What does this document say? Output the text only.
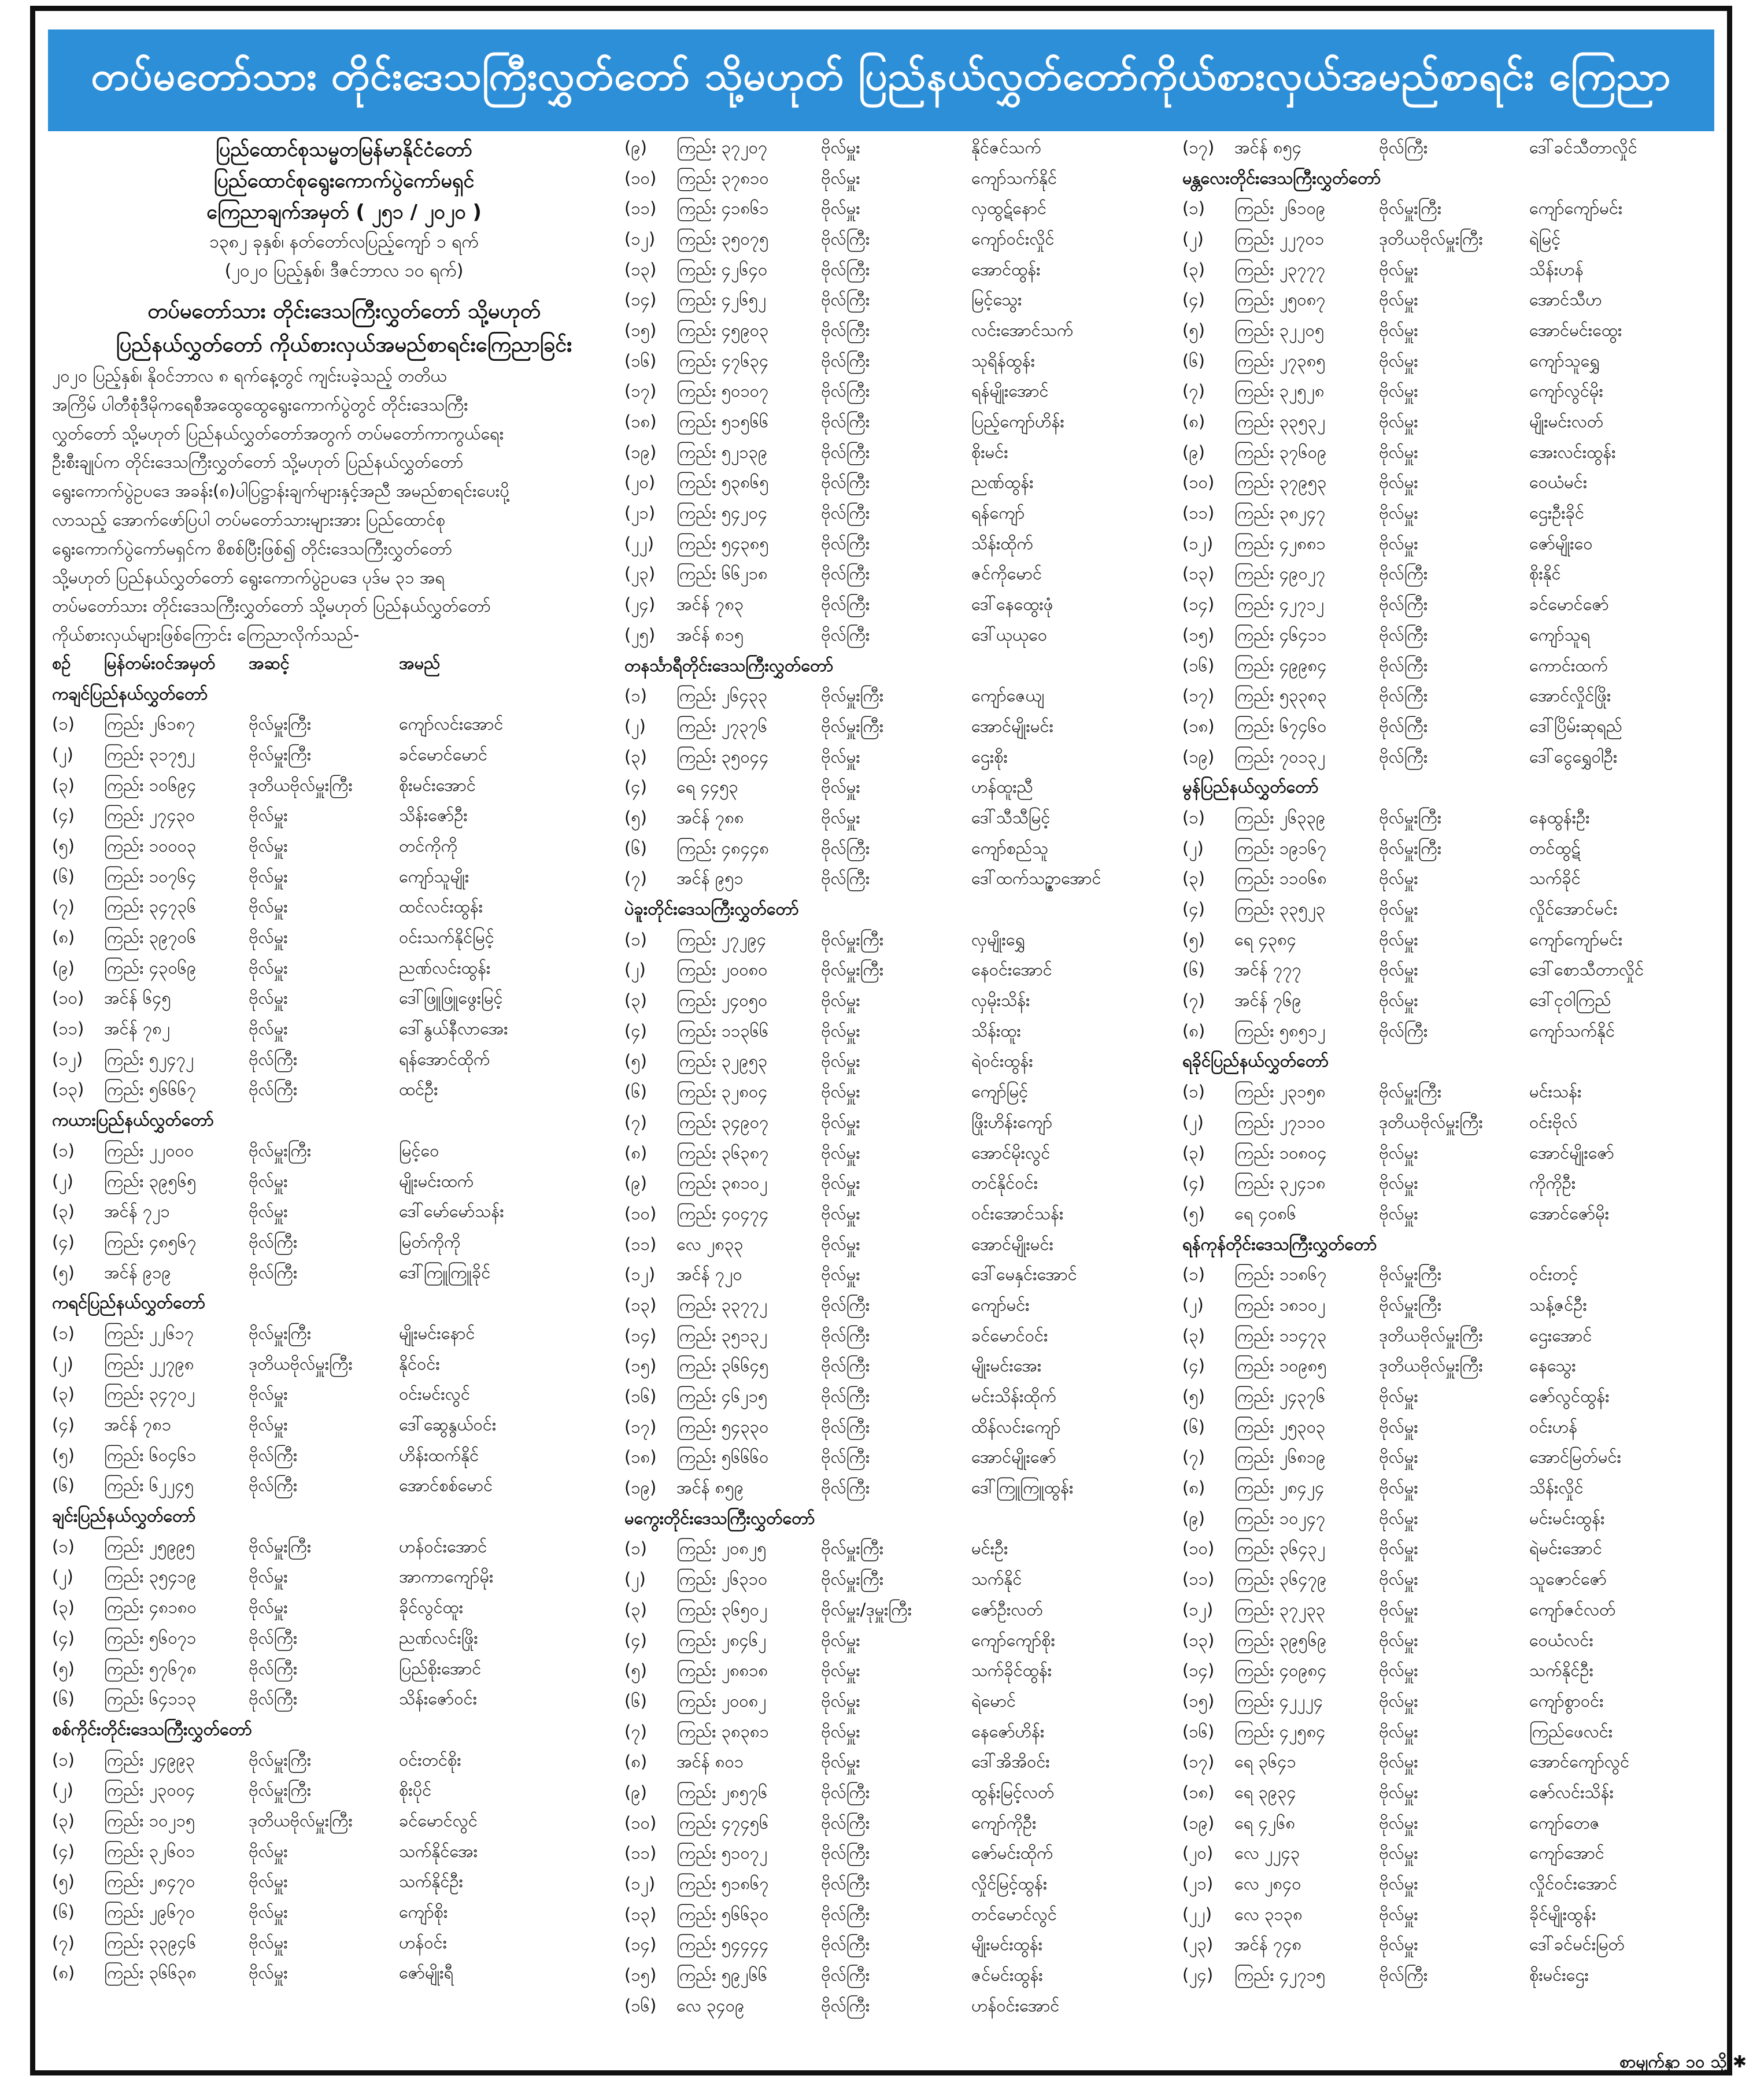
တပ်မတော်သား တိုင်းဒေသကြီးလွှတ်တော် သို့မဟုတ် ပြည်နယ်လွှတ်တော်ကိုယ်စားလှယ်အမည်စာရင်း ကြေညာ
ပြည်ထောင်စုသမ္မတမြန်မာနိုင်ငံတော်
ပြည်ထောင်စုရွေးကောက်ပွဲကော်မရှင်
ကြေညာချက်အမှတ် ( ၂၅၁ / ၂၀၂၀ )
၁၃၈၂ ခုနှစ်၊ နတ်တော်လပြည့်ကျော် ၁ ရက်
(၂၀၂၀ ပြည့်နှစ်၊ ဒီဇင်ဘာလ ၁၀ ရက်)
တပ်မတော်သား တိုင်းဒေသကြီးလွှတ်တော် သို့မဟုတ်
ပြည်နယ်လွှတ်တော် ကိုယ်စားလှယ်အမည်စာရင်းကြေညာခြင်း
၂၀၂၀ ပြည့်နှစ်၊ နိုဝင်ဘာလ ၈ ရက်နေ့တွင် ကျင်းပခဲ့သည့် တတိယ
အကြိမ် ပါတီစုံဒီမိုကရေစီအထွေထွေရွေးကောက်ပွဲတွင် တိုင်းဒေသကြီး
လွှတ်တော် သို့မဟုတ် ပြည်နယ်လွှတ်တော်အတွက် တပ်မတော်ကာကွယ်ရေး
ဦးစီးချုပ်က တိုင်းဒေသကြီးလွှတ်တော် သို့မဟုတ် ပြည်နယ်လွှတ်တော်
ရွေးကောက်ပွဲဥပဒေ အခန်း(၈)ပါပြဋ္ဌာန်းချက်များနှင့်အညီ အမည်စာရင်းပေးပို့
လာသည့် အောက်ဖော်ပြပါ တပ်မတော်သားများအား ပြည်ထောင်စု
ရွေးကောက်ပွဲကော်မရှင်က စိစစ်ပြီးဖြစ်၍ တိုင်းဒေသကြီးလွှတ်တော်
သို့မဟုတ် ပြည်နယ်လွှတ်တော် ရွေးကောက်ပွဲဥပဒေ ပုဒ်မ ၃၁ အရ
တပ်မတော်သား တိုင်းဒေသကြီးလွှတ်တော် သို့မဟုတ် ပြည်နယ်လွှတ်တော်
ကိုယ်စားလှယ်များဖြစ်ကြောင်း ကြေညာလိုက်သည်-
စဉ်	မြန်တမ်းဝင်အမှတ်	အဆင့်	အမည်
ကချင်ပြည်နယ်လွှတ်တော်
(၁)	ကြည်း ၂၆၁၈၇	ဗိုလ်မှူးကြီး	ကျော်လင်းအောင်
(၂)	ကြည်း ၃၁၇၅၂	ဗိုလ်မှူးကြီး	ခင်မောင်မောင်
(၃)	ကြည်း ၁၀၆၉၄	ဒုတိယဗိုလ်မှူးကြီး	စိုးမင်းအောင်
(၄)	ကြည်း ၂၇၄၃၀	ဗိုလ်မှူး	သိန်းဇော်ဦး
(၅)	ကြည်း ၁၀၀၀၃	ဗိုလ်မှူး	တင်ကိုကို
(၆)	ကြည်း ၁၀၇၆၄	ဗိုလ်မှူး	ကျော်သူမျိုး
(၇)	ကြည်း ၃၄၇၃၆	ဗိုလ်မှူး	ထင်လင်းထွန်း
(၈)	ကြည်း ၃၉၇၀၆	ဗိုလ်မှူး	ဝင်းသက်နိုင်မြင့်
(၉)	ကြည်း ၄၃၀၆၉	ဗိုလ်မှူး	ညဏ်လင်းထွန်း
(၁၀)	အင်န် ၆၄၅	ဗိုလ်မှူး	ဒေါ်ဖြူဖြူဖွေးမြင့်
(၁၁)	အင်န် ၇၈၂	ဗိုလ်မှူး	ဒေါ်နွယ်နီလာအေး
(၁၂)	ကြည်း ၅၂၄၇၂	ဗိုလ်ကြီး	ရန်အောင်ထိုက်
(၁၃)	ကြည်း ၅၆၆၆၇	ဗိုလ်ကြီး	ထင်ဦး
ကယားပြည်နယ်လွှတ်တော်
(၁)	ကြည်း ၂၂၀၀၀	ဗိုလ်မှူးကြီး	မြင့်ဝေ
(၂)	ကြည်း ၃၉၅၆၅	ဗိုလ်မှူး	မျိုးမင်းထက်
(၃)	အင်န် ၇၂၁	ဗိုလ်မှူး	ဒေါ်မော်မော်သန်း
(၄)	ကြည်း ၄၈၅၆၇	ဗိုလ်ကြီး	မြတ်ကိုကို
(၅)	အင်န် ၉၁၉	ဗိုလ်ကြီး	ဒေါ်ကြူကြူခိုင်
ကရင်ပြည်နယ်လွှတ်တော်
(၁)	ကြည်း ၂၂၆၁၇	ဗိုလ်မှူးကြီး	မျိုးမင်းနောင်
(၂)	ကြည်း ၂၂၇၉၈	ဒုတိယဗိုလ်မှူးကြီး	နိုင်ဝင်း
(၃)	ကြည်း ၃၄၇၀၂	ဗိုလ်မှူး	ဝင်းမင်းလွင်
(၄)	အင်န် ၇၈၁	ဗိုလ်မှူး	ဒေါ်ဆွေနွယ်ဝင်း
(၅)	ကြည်း ၆၀၄၆၁	ဗိုလ်ကြီး	ဟိန်းထက်နိုင်
(၆)	ကြည်း ၆၂၂၄၅	ဗိုလ်ကြီး	အောင်စစ်မောင်
ချင်းပြည်နယ်လွှတ်တော်
(၁)	ကြည်း ၂၅၉၉၅	ဗိုလ်မှူးကြီး	ဟန်ဝင်းအောင်
(၂)	ကြည်း ၃၅၄၁၉	ဗိုလ်မှူး	အာကာကျော်မိုး
(၃)	ကြည်း ၄၈၁၈၀	ဗိုလ်မှူး	ခိုင်လွင်ထူး
(၄)	ကြည်း ၅၆၀၇၁	ဗိုလ်ကြီး	ညဏ်လင်းဖြိုး
(၅)	ကြည်း ၅၇၆၇၈	ဗိုလ်ကြီး	ပြည်စိုးအောင်
(၆)	ကြည်း ၆၄၁၁၃	ဗိုလ်ကြီး	သိန်းဇော်ဝင်း
စစ်ကိုင်းတိုင်းဒေသကြီးလွှတ်တော်
(၁)	ကြည်း ၂၄၉၉၃	ဗိုလ်မှူးကြီး	ဝင်းတင်စိုး
(၂)	ကြည်း ၂၃၀၀၄	ဗိုလ်မှူးကြီး	စိုးပိုင်
(၃)	ကြည်း ၁၀၂၁၅	ဒုတိယဗိုလ်မှူးကြီး	ခင်မောင်လွင်
(၄)	ကြည်း ၃၂၆၀၁	ဗိုလ်မှူး	သက်နိုင်အေး
(၅)	ကြည်း ၂၈၄၇၀	ဗိုလ်မှူး	သက်နိုင်ဦး
(၆)	ကြည်း ၂၉၆၇၀	ဗိုလ်မှူး	ကျော်စိုး
(၇)	ကြည်း ၃၃၉၄၆	ဗိုလ်မှူး	ဟန်ဝင်း
(၈)	ကြည်း ၃၆၆၃၈	ဗိုလ်မှူး	ဇော်မျိုးရီ
(၉)	ကြည်း ၃၇၂၀၇	ဗိုလ်မှူး	နိုင်ဇင်သက်
(၁၀)	ကြည်း ၃၇၈၁၀	ဗိုလ်မှူး	ကျော်သက်နိုင်
(၁၁)	ကြည်း ၄၁၈၆၁	ဗိုလ်မှူး	လှထွဋ်နောင်
(၁၂)	ကြည်း ၃၅၀၇၅	ဗိုလ်ကြီး	ကျော်ဝင်းလှိုင်
(၁၃)	ကြည်း ၄၂၆၄၀	ဗိုလ်ကြီး	အောင်ထွန်း
(၁၄)	ကြည်း ၄၂၆၅၂	ဗိုလ်ကြီး	မြင့်သွေး
(၁၅)	ကြည်း ၄၅၉၀၃	ဗိုလ်ကြီး	လင်းအောင်သက်
(၁၆)	ကြည်း ၄၇၆၃၄	ဗိုလ်ကြီး	သုရိန်ထွန်း
(၁၇)	ကြည်း ၅၀၁၀၇	ဗိုလ်ကြီး	ရန်မျိုးအောင်
(၁၈)	ကြည်း ၅၁၅၆၆	ဗိုလ်ကြီး	ပြည့်ကျော်ဟိန်း
(၁၉)	ကြည်း ၅၂၁၃၉	ဗိုလ်ကြီး	စိုးမင်း
(၂၀)	ကြည်း ၅၃၈၆၅	ဗိုလ်ကြီး	ညဏ်ထွန်း
(၂၁)	ကြည်း ၅၄၂၀၄	ဗိုလ်ကြီး	ရန်ကျော်
(၂၂)	ကြည်း ၅၄၃၈၅	ဗိုလ်ကြီး	သိန်းထိုက်
(၂၃)	ကြည်း ၆၆၂၁၈	ဗိုလ်ကြီး	ဇင်ကိုမောင်
(၂၄)	အင်န် ၇၈၃	ဗိုလ်ကြီး	ဒေါ်နေထွေးဖုံ
(၂၅)	အင်န် ၈၁၅	ဗိုလ်ကြီး	ဒေါ်ယုယုဝေ
တနင်္သာရီတိုင်းဒေသကြီးလွှတ်တော်
(၁)	ကြည်း ၂၆၄၃၃	ဗိုလ်မှူးကြီး	ကျော်ဇေယျ
(၂)	ကြည်း ၂၇၃၇၆	ဗိုလ်မှူးကြီး	အောင်မျိုးမင်း
(၃)	ကြည်း ၃၅၀၄၄	ဗိုလ်မှူး	ဌေးစိုး
(၄)	ရေ ၄၄၅၃	ဗိုလ်မှူး	ဟန်ထူးညီ
(၅)	အင်န် ၇၈၈	ဗိုလ်မှူး	ဒေါ်သီသီမြင့်
(၆)	ကြည်း ၄၈၄၄၈	ဗိုလ်ကြီး	ကျော်စည်သူ
(၇)	အင်န် ၉၅၁	ဗိုလ်ကြီး	ဒေါ်ထက်သဉ္ဇာအောင်
ပဲခူးတိုင်းဒေသကြီးလွှတ်တော်
(၁)	ကြည်း ၂၇၂၉၄	ဗိုလ်မှူးကြီး	လှမျိုးရွှေ
(၂)	ကြည်း ၂၀၀၈၀	ဗိုလ်မှူးကြီး	နေဝင်းအောင်
(၃)	ကြည်း ၂၄၀၅၀	ဗိုလ်မှူး	လှမိုးသိန်း
(၄)	ကြည်း ၁၁၃၆၆	ဗိုလ်မှူး	သိန်းထူး
(၅)	ကြည်း ၃၂၉၅၃	ဗိုလ်မှူး	ရဲဝင်းထွန်း
(၆)	ကြည်း ၃၂၈၀၄	ဗိုလ်မှူး	ကျော်မြင့်
(၇)	ကြည်း ၃၄၉၀၇	ဗိုလ်မှူး	ဖြိုးဟိန်းကျော်
(၈)	ကြည်း ၃၆၃၈၇	ဗိုလ်မှူး	အောင်မိုးလွင်
(၉)	ကြည်း ၃၈၁၀၂	ဗိုလ်မှူး	တင်နိုင်ဝင်း
(၁၀)	ကြည်း ၄၀၄၇၄	ဗိုလ်မှူး	ဝင်းအောင်သန်း
(၁၁)	လေ ၂၈၃၃	ဗိုလ်မှူး	အောင်မျိုးမင်း
(၁၂)	အင်န် ၇၂၀	ဗိုလ်မှူး	ဒေါ်မေနှင်းအောင်
(၁၃)	ကြည်း ၃၃၇၇၂	ဗိုလ်ကြီး	ကျော်မင်း
(၁၄)	ကြည်း ၃၅၁၃၂	ဗိုလ်ကြီး	ခင်မောင်ဝင်း
(၁၅)	ကြည်း ၃၆၆၄၅	ဗိုလ်ကြီး	မျိုးမင်းအေး
(၁၆)	ကြည်း ၄၆၂၁၅	ဗိုလ်ကြီး	မင်းသိန်းထိုက်
(၁၇)	ကြည်း ၅၄၃၃၀	ဗိုလ်ကြီး	ထိန်လင်းကျော်
(၁၈)	ကြည်း ၅၆၆၆၀	ဗိုလ်ကြီး	အောင်မျိုးဇော်
(၁၉)	အင်န် ၈၅၉	ဗိုလ်ကြီး	ဒေါ်ကြူကြူထွန်း
မကွေးတိုင်းဒေသကြီးလွှတ်တော်
(၁)	ကြည်း ၂၀၈၂၅	ဗိုလ်မှူးကြီး	မင်းဦး
(၂)	ကြည်း ၂၆၃၁၀	ဗိုလ်မှူးကြီး	သက်နိုင်
(၃)	ကြည်း ၃၆၅၀၂	ဗိုလ်မှူး/ဒုမှူးကြီး	ဇော်ဦးလတ်
(၄)	ကြည်း ၂၈၄၆၂	ဗိုလ်မှူး	ကျော်ကျော်စိုး
(၅)	ကြည်း ၂၈၈၁၈	ဗိုလ်မှူး	သက်ခိုင်ထွန်း
(၆)	ကြည်း ၂၀၀၈၂	ဗိုလ်မှူး	ရဲမောင်
(၇)	ကြည်း ၃၈၃၈၁	ဗိုလ်မှူး	နေဇော်ဟိန်း
(၈)	အင်န် ၈၀၁	ဗိုလ်မှူး	ဒေါ်အိအိဝင်း
(၉)	ကြည်း ၂၈၅၇၆	ဗိုလ်ကြီး	ထွန်းမြင့်လတ်
(၁၀)	ကြည်း ၄၇၄၅၆	ဗိုလ်ကြီး	ကျော်ကိုဦး
(၁၁)	ကြည်း ၅၁၀၇၂	ဗိုလ်ကြီး	ဇော်မင်းထိုက်
(၁၂)	ကြည်း ၅၁၈၆၇	ဗိုလ်ကြီး	လှိုင်မြင့်ထွန်း
(၁၃)	ကြည်း ၅၆၆၃၀	ဗိုလ်ကြီး	တင်မောင်လွင်
(၁၄)	ကြည်း ၅၄၄၄၄	ဗိုလ်ကြီး	မျိုးမင်းထွန်း
(၁၅)	ကြည်း ၅၉၂၆၆	ဗိုလ်ကြီး	ဇင်မင်းထွန်း
(၁၆)	လေ ၃၄၀၉	ဗိုလ်ကြီး	ဟန်ဝင်းအောင်
(၁၇)	အင်န် ၈၅၄	ဗိုလ်ကြီး	ဒေါ်ခင်သီတာလှိုင်
မန္တလေးတိုင်းဒေသကြီးလွှတ်တော်
(၁)	ကြည်း ၂၆၁၀၉	ဗိုလ်မှူးကြီး	ကျော်ကျော်မင်း
(၂)	ကြည်း ၂၂၇၀၁	ဒုတိယဗိုလ်မှူးကြီး	ရဲမြင့်
(၃)	ကြည်း ၂၃၇၇၇	ဗိုလ်မှူး	သိန်းဟန်
(၄)	ကြည်း ၂၅၀၈၇	ဗိုလ်မှူး	အောင်သီဟ
(၅)	ကြည်း ၃၂၂၀၅	ဗိုလ်မှူး	အောင်မင်းထွေး
(၆)	ကြည်း ၂၇၃၈၅	ဗိုလ်မှူး	ကျော်သူရွှေ
(၇)	ကြည်း ၃၂၅၂၈	ဗိုလ်မှူး	ကျော်လွင်မိုး
(၈)	ကြည်း ၃၃၅၃၂	ဗိုလ်မှူး	မျိုးမင်းလတ်
(၉)	ကြည်း ၃၇၆၀၉	ဗိုလ်မှူး	အေးလင်းထွန်း
(၁၀)	ကြည်း ၃၇၉၅၃	ဗိုလ်မှူး	ဝေယံမင်း
(၁၁)	ကြည်း ၃၈၂၄၇	ဗိုလ်မှူး	ဌေးဦးခိုင်
(၁၂)	ကြည်း ၄၂၈၈၁	ဗိုလ်မှူး	ဇော်မျိုးဝေ
(၁၃)	ကြည်း ၄၉၀၂၇	ဗိုလ်ကြီး	စိုးနိုင်
(၁၄)	ကြည်း ၄၂၇၁၂	ဗိုလ်ကြီး	ခင်မောင်ဇော်
(၁၅)	ကြည်း ၄၆၄၁၁	ဗိုလ်ကြီး	ကျော်သူရ
(၁၆)	ကြည်း ၄၉၉၈၄	ဗိုလ်ကြီး	ကောင်းထက်
(၁၇)	ကြည်း ၅၃၃၈၃	ဗိုလ်ကြီး	အောင်လှိုင်ဖြိုး
(၁၈)	ကြည်း ၆၇၄၆၀	ဗိုလ်ကြီး	ဒေါ်ပြိမ်းဆုရည်
(၁၉)	ကြည်း ၇၀၁၃၂	ဗိုလ်ကြီး	ဒေါ်ငွေရွှေဝါဦး
မွန်ပြည်နယ်လွှတ်တော်
(၁)	ကြည်း ၂၆၃၃၉	ဗိုလ်မှူးကြီး	နေထွန်းဦး
(၂)	ကြည်း ၁၉၁၆၇	ဗိုလ်မှူးကြီး	တင်ထွဋ်
(၃)	ကြည်း ၁၁၀၆၈	ဗိုလ်မှူး	သက်ခိုင်
(၄)	ကြည်း ၃၃၅၂၃	ဗိုလ်မှူး	လှိုင်အောင်မင်း
(၅)	ရေ ၄၃၈၄	ဗိုလ်မှူး	ကျော်ကျော်မင်း
(၆)	အင်န် ၇၇၇	ဗိုလ်မှူး	ဒေါ်စောသီတာလှိုင်
(၇)	အင်န် ၇၆၉	ဗိုလ်မှူး	ဒေါ်ငုဝါကြည်
(၈)	ကြည်း ၅၈၅၁၂	ဗိုလ်ကြီး	ကျော်သက်နိုင်
ရခိုင်ပြည်နယ်လွှတ်တော်
(၁)	ကြည်း ၂၃၁၅၈	ဗိုလ်မှူးကြီး	မင်းသန်း
(၂)	ကြည်း ၂၇၁၁၀	ဒုတိယဗိုလ်မှူးကြီး	ဝင်းဗိုလ်
(၃)	ကြည်း ၁၀၈၀၄	ဗိုလ်မှူး	အောင်မျိုးဇော်
(၄)	ကြည်း ၃၂၄၁၈	ဗိုလ်မှူး	ကိုကိုဦး
(၅)	ရေ ၄၀၈၆	ဗိုလ်မှူး	အောင်ဇော်မိုး
ရန်ကုန်တိုင်းဒေသကြီးလွှတ်တော်
(၁)	ကြည်း ၁၁၈၆၇	ဗိုလ်မှူးကြီး	ဝင်းတင့်
(၂)	ကြည်း ၁၈၁၀၂	ဗိုလ်မှူးကြီး	သန့်ဇင်ဦး
(၃)	ကြည်း ၁၁၄၇၃	ဒုတိယဗိုလ်မှူးကြီး	ဌေးအောင်
(၄)	ကြည်း ၁၀၉၈၅	ဒုတိယဗိုလ်မှူးကြီး	နေသွေး
(၅)	ကြည်း ၂၄၃၇၆	ဗိုလ်မှူး	ဇော်လွင်ထွန်း
(၆)	ကြည်း ၂၅၃၀၃	ဗိုလ်မှူး	ဝင်းဟန်
(၇)	ကြည်း ၂၆၈၁၉	ဗိုလ်မှူး	အောင်မြတ်မင်း
(၈)	ကြည်း ၂၈၄၂၄	ဗိုလ်မှူး	သိန်းလှိုင်
(၉)	ကြည်း ၁၀၂၄၇	ဗိုလ်မှူး	မင်းမင်းထွန်း
(၁၀)	ကြည်း ၃၆၄၃၂	ဗိုလ်မှူး	ရဲမင်းအောင်
(၁၁)	ကြည်း ၃၆၄၇၉	ဗိုလ်မှူး	သူဇောင်ဇော်
(၁၂)	ကြည်း ၃၇၂၃၃	ဗိုလ်မှူး	ကျော်ဇင်လတ်
(၁၃)	ကြည်း ၃၉၅၆၉	ဗိုလ်မှူး	ဝေယံလင်း
(၁၄)	ကြည်း ၄၀၉၈၄	ဗိုလ်မှူး	သက်နိုင်ဦး
(၁၅)	ကြည်း ၄၂၂၂၄	ဗိုလ်မှူး	ကျော်စွာဝင်း
(၁၆)	ကြည်း ၄၂၅၈၄	ဗိုလ်မှူး	ကြည်ဖေလင်း
(၁၇)	ရေ ၃၆၄၁	ဗိုလ်မှူး	အောင်ကျော်လွင်
(၁၈)	ရေ ၃၉၃၄	ဗိုလ်မှူး	ဇော်လင်းသိန်း
(၁၉)	ရေ ၄၂၆၈	ဗိုလ်မှူး	ကျော်တေဇ
(၂၀)	လေ ၂၂၄၃	ဗိုလ်မှူး	ကျော်အောင်
(၂၁)	လေ ၂၈၄၀	ဗိုလ်မှူး	လှိုင်ဝင်းအောင်
(၂၂)	လေ ၃၁၃၈	ဗိုလ်မှူး	ခိုင်မျိုးထွန်း
(၂၃)	အင်န် ၇၄၈	ဗိုလ်မှူး	ဒေါ်ခင်မင်းမြတ်
(၂၄)	ကြည်း ၄၂၇၁၅	ဗိုလ်ကြီး	စိုးမင်းဌေး
စာမျက်နှာ ၁၀ သို့ ✱
